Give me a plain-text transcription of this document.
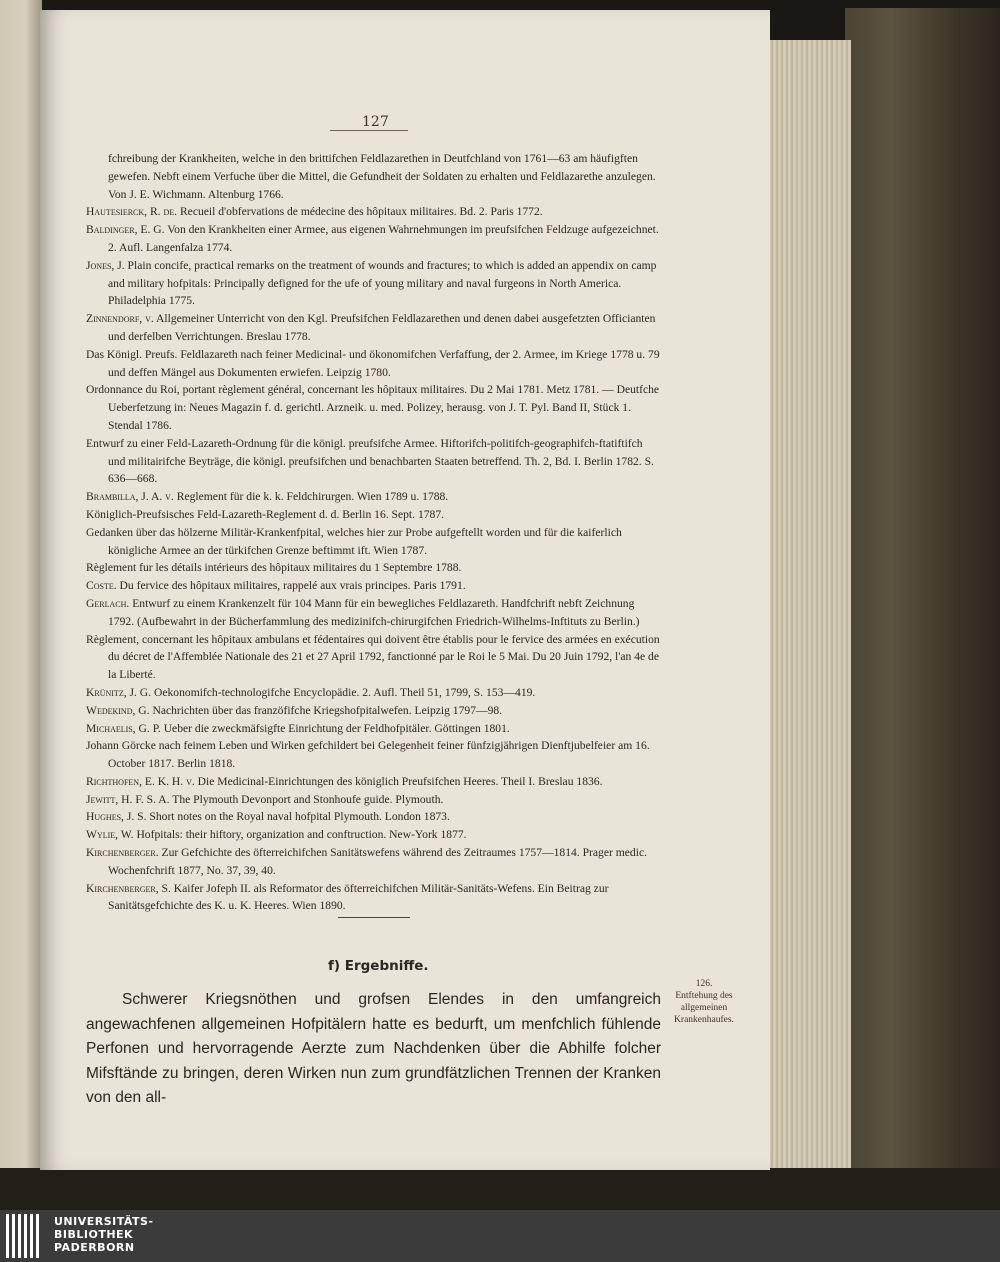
127

fchreibung der Krankheiten, welche in den brittifchen Feldlazarethen in Deutfchland von 1761—63 am häufigften gewefen. Nebft einem Verfuche über die Mittel, die Gefundheit der Soldaten zu erhalten und Feldlazarethe anzulegen. Von J. E. Wichmann. Altenburg 1766.

Hautesierck, R. de. Recueil d'obfervations de médecine des hôpitaux militaires. Bd. 2. Paris 1772.

Baldinger, E. G. Von den Krankheiten einer Armee, aus eigenen Wahrnehmungen im preufsifchen Feldzuge aufgezeichnet. 2. Aufl. Langenfalza 1774.

Jones, J. Plain concife, practical remarks on the treatment of wounds and fractures; to which is added an appendix on camp and military hofpitals: Principally defigned for the ufe of young military and naval furgeons in North America. Philadelphia 1775.

Zinnendorf, v. Allgemeiner Unterricht von den Kgl. Preufsifchen Feldlazarethen und denen dabei ausgefetzten Officianten und derfelben Verrichtungen. Breslau 1778.

Das Königl. Preufs. Feldlazareth nach feiner Medicinal- und ökonomifchen Verfaffung, der 2. Armee, im Kriege 1778 u. 79 und deffen Mängel aus Dokumenten erwiefen. Leipzig 1780.

Ordonnance du Roi, portant règlement général, concernant les hôpitaux militaires. Du 2 Mai 1781. Metz 1781. — Deutfche Ueberfetzung in: Neues Magazin f. d. gerichtl. Arzneik. u. med. Polizey, herausg. von J. T. Pyl. Band II, Stück 1. Stendal 1786.

Entwurf zu einer Feld-Lazareth-Ordnung für die königl. preufsifche Armee. Hiftorifch-politifch-geographifch-ftatiftifch und militairifche Beyträge, die königl. preufsifchen und benachbarten Staaten betreffend. Th. 2, Bd. I. Berlin 1782. S. 636—668.

Brambilla, J. A. v. Reglement für die k. k. Feldchirurgen. Wien 1789 u. 1788.

Königlich-Preufsisches Feld-Lazareth-Reglement d. d. Berlin 16. Sept. 1787.

Gedanken über das hölzerne Militär-Krankenfpital, welches hier zur Probe aufgeftellt worden und für die kaiferlich königliche Armee an der türkifchen Grenze beftimmt ift. Wien 1787.

Règlement fur les détails intérieurs des hôpitaux militaires du 1 Septembre 1788.

Coste. Du fervice des hôpitaux militaires, rappelé aux vrais principes. Paris 1791.

Gerlach. Entwurf zu einem Krankenzelt für 104 Mann für ein bewegliches Feldlazareth. Handfchrift nebft Zeichnung 1792. (Aufbewahrt in der Bücherfammlung des medizinifch-chirurgifchen Friedrich-Wilhelms-Inftituts zu Berlin.)

Règlement, concernant les hôpitaux ambulans et fédentaires qui doivent être établis pour le fervice des armées en exécution du décret de l'Affemblée Nationale des 21 et 27 April 1792, fanctionné par le Roi le 5 Mai. Du 20 Juin 1792, l'an 4e de la Liberté.

Krünitz, J. G. Oekonomifch-technologifche Encyclopädie. 2. Aufl. Theil 51, 1799, S. 153—419.

Wedekind, G. Nachrichten über das franzöfifche Kriegshofpitalwefen. Leipzig 1797—98.

Michaelis, G. P. Ueber die zweckmäfsigfte Einrichtung der Feldhofpitäler. Göttingen 1801.

Johann Görcke nach feinem Leben und Wirken gefchildert bei Gelegenheit feiner fünfzigjährigen Dienftjubelfeier am 16. October 1817. Berlin 1818.

Richthofen, E. K. H. v. Die Medicinal-Einrichtungen des königlich Preufsifchen Heeres. Theil I. Breslau 1836.

Jewitt, H. F. S. A. The Plymouth Devonport and Stonhoufe guide. Plymouth.

Hughes, J. S. Short notes on the Royal naval hofpital Plymouth. London 1873.

Wylie, W. Hofpitals: their hiftory, organization and conftruction. New-York 1877.

Kirchenberger. Zur Gefchichte des öfterreichifchen Sanitätswefens während des Zeitraumes 1757—1814. Prager medic. Wochenfchrift 1877, No. 37, 39, 40.

Kirchenberger, S. Kaifer Jofeph II. als Reformator des öfterreichifchen Militär-Sanitäts-Wefens. Ein Beitrag zur Sanitätsgefchichte des K. u. K. Heeres. Wien 1890.

f) Ergebniffe.
Schwerer Kriegsnöthen und grofsen Elendes in den umfangreich angewachfenen allgemeinen Hofpitälern hatte es bedurft, um menfchlich fühlende Perfonen und hervorragende Aerzte zum Nachdenken über die Abhilfe folcher Mifsftände zu bringen, deren Wirken nun zum grundfätzlichen Trennen der Kranken von den all-
126.
Entftehung des allgemeinen Krankenhaufes.
UNIVERSITÄTS-
BIBLIOTHEK
PADERBORN
